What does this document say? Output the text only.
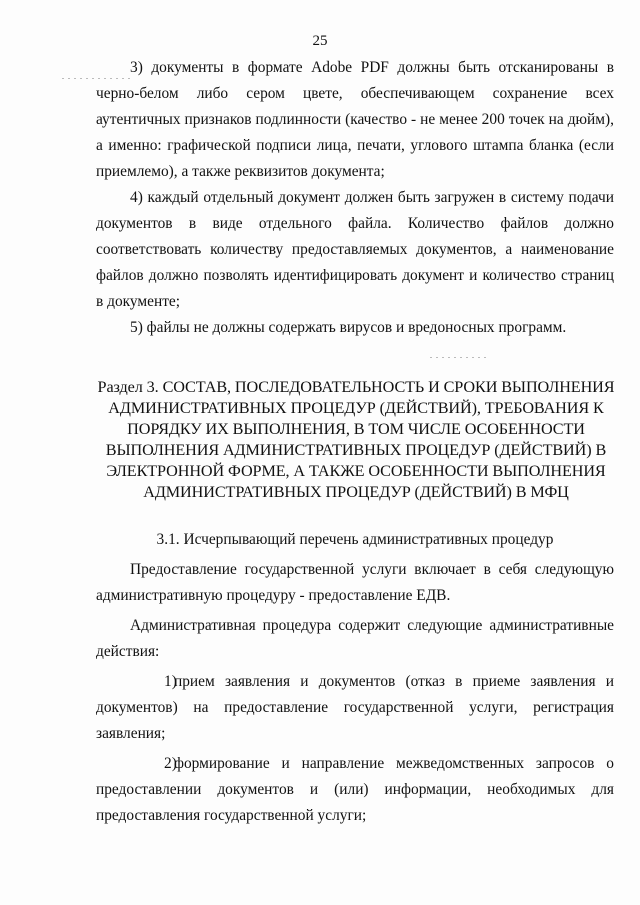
25

3) документы в формате Adobe PDF должны быть отсканированы в черно-белом либо сером цвете, обеспечивающем сохранение всех аутентичных признаков подлинности (качество - не менее 200 точек на дюйм), а именно: графической подписи лица, печати, углового штампа бланка (если приемлемо), а также реквизитов документа;

4) каждый отдельный документ должен быть загружен в систему подачи документов в виде отдельного файла. Количество файлов должно соответствовать количеству предоставляемых документов, а наименование файлов должно позволять идентифицировать документ и количество страниц в документе;

5) файлы не должны содержать вирусов и вредоносных программ.

Раздел 3. СОСТАВ, ПОСЛЕДОВАТЕЛЬНОСТЬ И СРОКИ ВЫПОЛНЕНИЯ
АДМИНИСТРАТИВНЫХ ПРОЦЕДУР (ДЕЙСТВИЙ), ТРЕБОВАНИЯ К
ПОРЯДКУ ИХ ВЫПОЛНЕНИЯ, В ТОМ ЧИСЛЕ ОСОБЕННОСТИ
ВЫПОЛНЕНИЯ АДМИНИСТРАТИВНЫХ ПРОЦЕДУР (ДЕЙСТВИЙ) В
ЭЛЕКТРОННОЙ ФОРМЕ, А ТАКЖЕ ОСОБЕННОСТИ ВЫПОЛНЕНИЯ
АДМИНИСТРАТИВНЫХ ПРОЦЕДУР (ДЕЙСТВИЙ) В МФЦ
3.1. Исчерпывающий перечень административных процедур

Предоставление государственной услуги включает в себя следующую административную процедуру - предоставление ЕДВ.

Административная процедура содержит следующие административные действия:

1)прием заявления и документов (отказ в приеме заявления и документов) на предоставление государственной услуги, регистрация заявления;

2)формирование и направление межведомственных запросов о предоставлении документов и (или) информации, необходимых для предоставления государственной услуги;
